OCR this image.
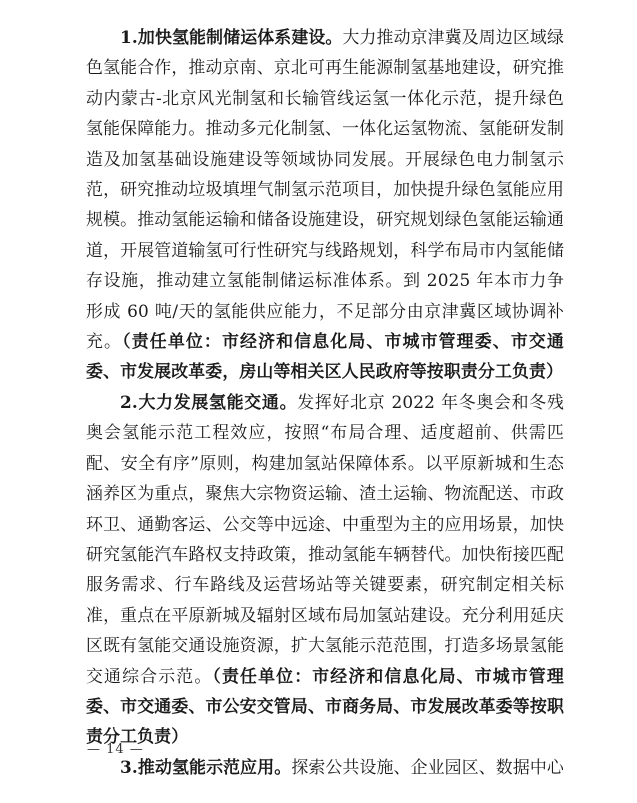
1.加快氢能制储运体系建设。大力推动京津冀及周边区域绿色氢能合作，推动京南、京北可再生能源制氢基地建设，研究推动内蒙古-北京风光制氢和长输管线运氢一体化示范，提升绿色氢能保障能力。推动多元化制氢、一体化运氢物流、氢能研发制造及加氢基础设施建设等领域协同发展。开展绿色电力制氢示范，研究推动垃圾填埋气制氢示范项目，加快提升绿色氢能应用规模。推动氢能运输和储备设施建设，研究规划绿色氢能运输通道，开展管道输氢可行性研究与线路规划，科学布局市内氢能储存设施，推动建立氢能制储运标准体系。到 2025 年本市力争形成 60 吨/天的氢能供应能力，不足部分由京津冀区域协调补充。（责任单位：市经济和信息化局、市城市管理委、市交通委、市发展改革委，房山等相关区人民政府等按职责分工负责）

2.大力发展氢能交通。发挥好北京 2022 年冬奥会和冬残奥会氢能示范工程效应，按照“布局合理、适度超前、供需匹配、安全有序”原则，构建加氢站保障体系。以平原新城和生态涵养区为重点，聚焦大宗物资运输、渣土运输、物流配送、市政环卫、通勤客运、公交等中远途、中重型为主的应用场景，加快研究氢能汽车路权支持政策，推动氢能车辆替代。加快衔接匹配服务需求、行车路线及运营场站等关键要素，研究制定相关标准，重点在平原新城及辐射区域布局加氢站建设。充分利用延庆区既有氢能交通设施资源，扩大氢能示范范围，打造多场景氢能交通综合示范。（责任单位：市经济和信息化局、市城市管理委、市交通委、市公安交管局、市商务局、市发展改革委等按职责分工负责）

3.推动氢能示范应用。探索公共设施、企业园区、数据中心

— 14 —
